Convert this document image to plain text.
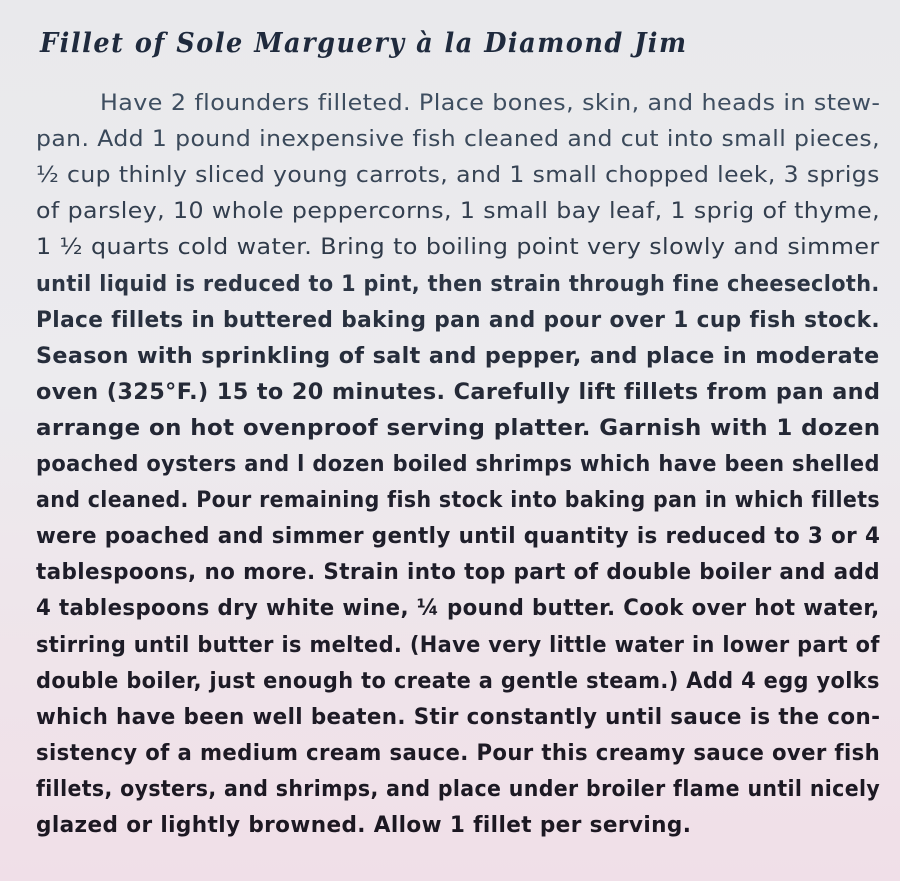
Fillet of Sole Marguery à la Diamond Jim

Have 2 flounders filleted. Place bones, skin, and heads in stew-

pan. Add 1 pound inexpensive fish cleaned and cut into small pieces,

½ cup thinly sliced young carrots, and 1 small chopped leek, 3 sprigs

of parsley, 10 whole peppercorns, 1 small bay leaf, 1 sprig of thyme,

1 ½ quarts cold water. Bring to boiling point very slowly and simmer

until liquid is reduced to 1 pint, then strain through fine cheesecloth.

Place fillets in buttered baking pan and pour over 1 cup fish stock.

Season with sprinkling of salt and pepper, and place in moderate

oven (325°F.) 15 to 20 minutes. Carefully lift fillets from pan and

arrange on hot ovenproof serving platter. Garnish with 1 dozen

poached oysters and l dozen boiled shrimps which have been shelled

and cleaned. Pour remaining fish stock into baking pan in which fillets

were poached and simmer gently until quantity is reduced to 3 or 4

tablespoons, no more. Strain into top part of double boiler and add

4 tablespoons dry white wine, ¼ pound butter. Cook over hot water,

stirring until butter is melted. (Have very little water in lower part of

double boiler, just enough to create a gentle steam.) Add 4 egg yolks

which have been well beaten. Stir constantly until sauce is the con-

sistency of a medium cream sauce. Pour this creamy sauce over fish

fillets, oysters, and shrimps, and place under broiler flame until nicely

glazed or lightly browned. Allow 1 fillet per serving.
